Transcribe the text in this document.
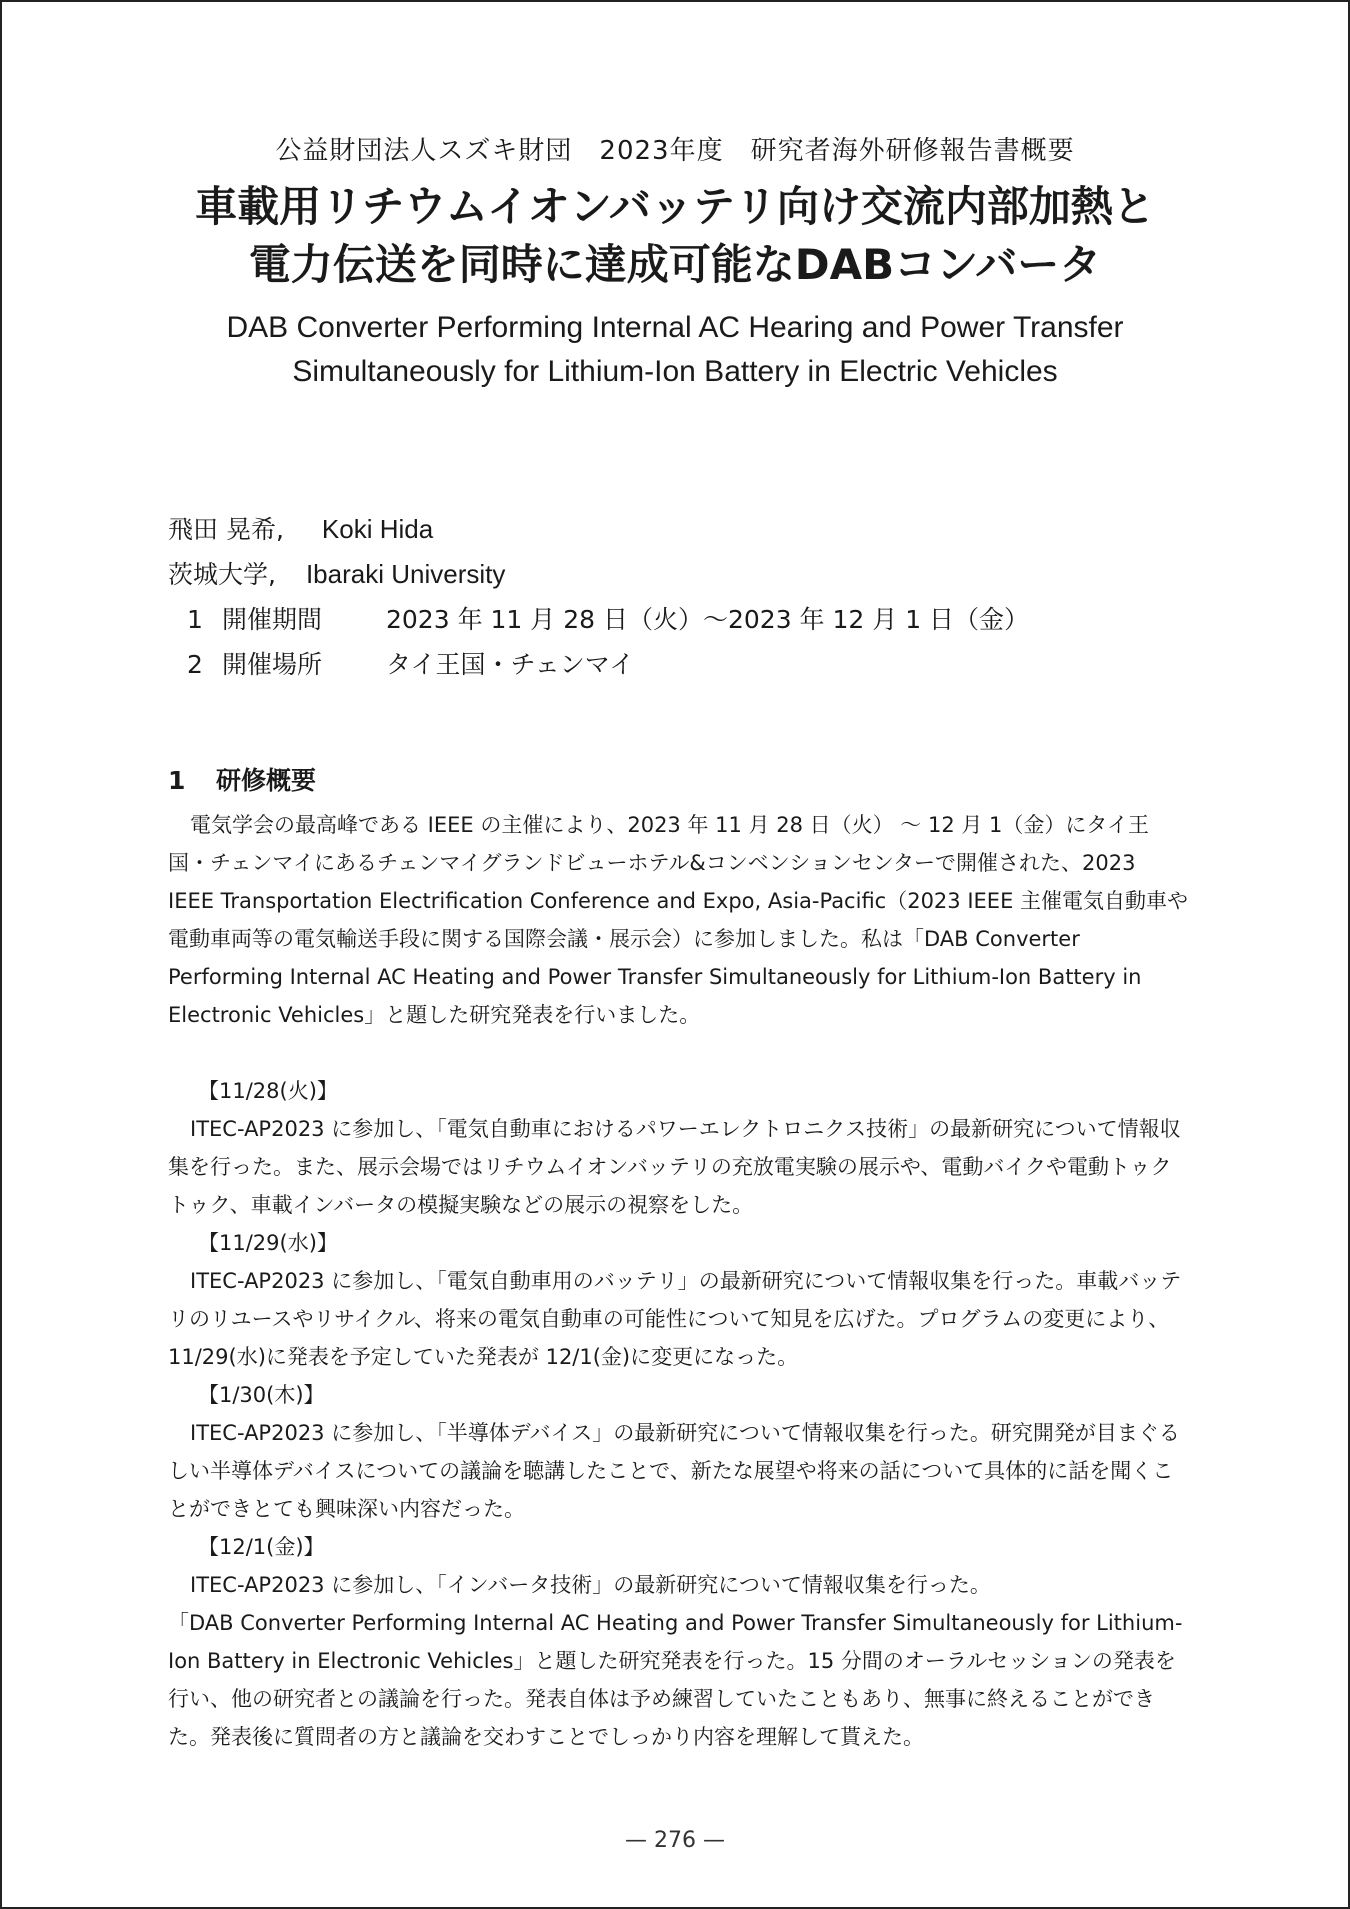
公益財団法人スズキ財団　2023年度　研究者海外研修報告書概要
車載用リチウムイオンバッテリ向け交流内部加熱と
電力伝送を同時に達成可能なDABコンバータ
DAB Converter Performing Internal AC Hearing and Power Transfer
Simultaneously for Lithium-Ion Battery in Electric Vehicles
飛田 晃希, Koki Hida
茨城大学, Ibaraki University
1 開催期間	2023 年 11 月 28 日（火）～2023 年 12 月 1 日（金）
2 開催場所	タイ王国・チェンマイ
1 研修概要

電気学会の最高峰である IEEE の主催により、2023 年 11 月 28 日（火） ～ 12 月 1（金）にタイ王国・チェンマイにあるチェンマイグランドビューホテル&コンベンションセンターで開催された、2023 IEEE Transportation Electrification Conference and Expo, Asia-Pacific（2023 IEEE 主催電気自動車や電動車両等の電気輸送手段に関する国際会議・展示会）に参加しました。私は「DAB Converter Performing Internal AC Heating and Power Transfer Simultaneously for Lithium-Ion Battery in Electronic Vehicles」と題した研究発表を行いました。

【11/28(火)】

ITEC-AP2023 に参加し、「電気自動車におけるパワーエレクトロニクス技術」の最新研究について情報収集を行った。また、展示会場ではリチウムイオンバッテリの充放電実験の展示や、電動バイクや電動トゥクトゥク、車載インバータの模擬実験などの展示の視察をした。

【11/29(水)】

ITEC-AP2023 に参加し、「電気自動車用のバッテリ」の最新研究について情報収集を行った。車載バッテリのリユースやリサイクル、将来の電気自動車の可能性について知見を広げた。プログラムの変更により、11/29(水)に発表を予定していた発表が 12/1(金)に変更になった。

【1/30(木)】

ITEC-AP2023 に参加し、「半導体デバイス」の最新研究について情報収集を行った。研究開発が目まぐるしい半導体デバイスについての議論を聴講したことで、新たな展望や将来の話について具体的に話を聞くことができとても興味深い内容だった。

【12/1(金)】

ITEC-AP2023 に参加し、「インバータ技術」の最新研究について情報収集を行った。

「DAB Converter Performing Internal AC Heating and Power Transfer Simultaneously for Lithium-Ion Battery in Electronic Vehicles」と題した研究発表を行った。15 分間のオーラルセッションの発表を行い、他の研究者との議論を行った。発表自体は予め練習していたこともあり、無事に終えることができた。発表後に質問者の方と議論を交わすことでしっかり内容を理解して貰えた。

— 276 —
